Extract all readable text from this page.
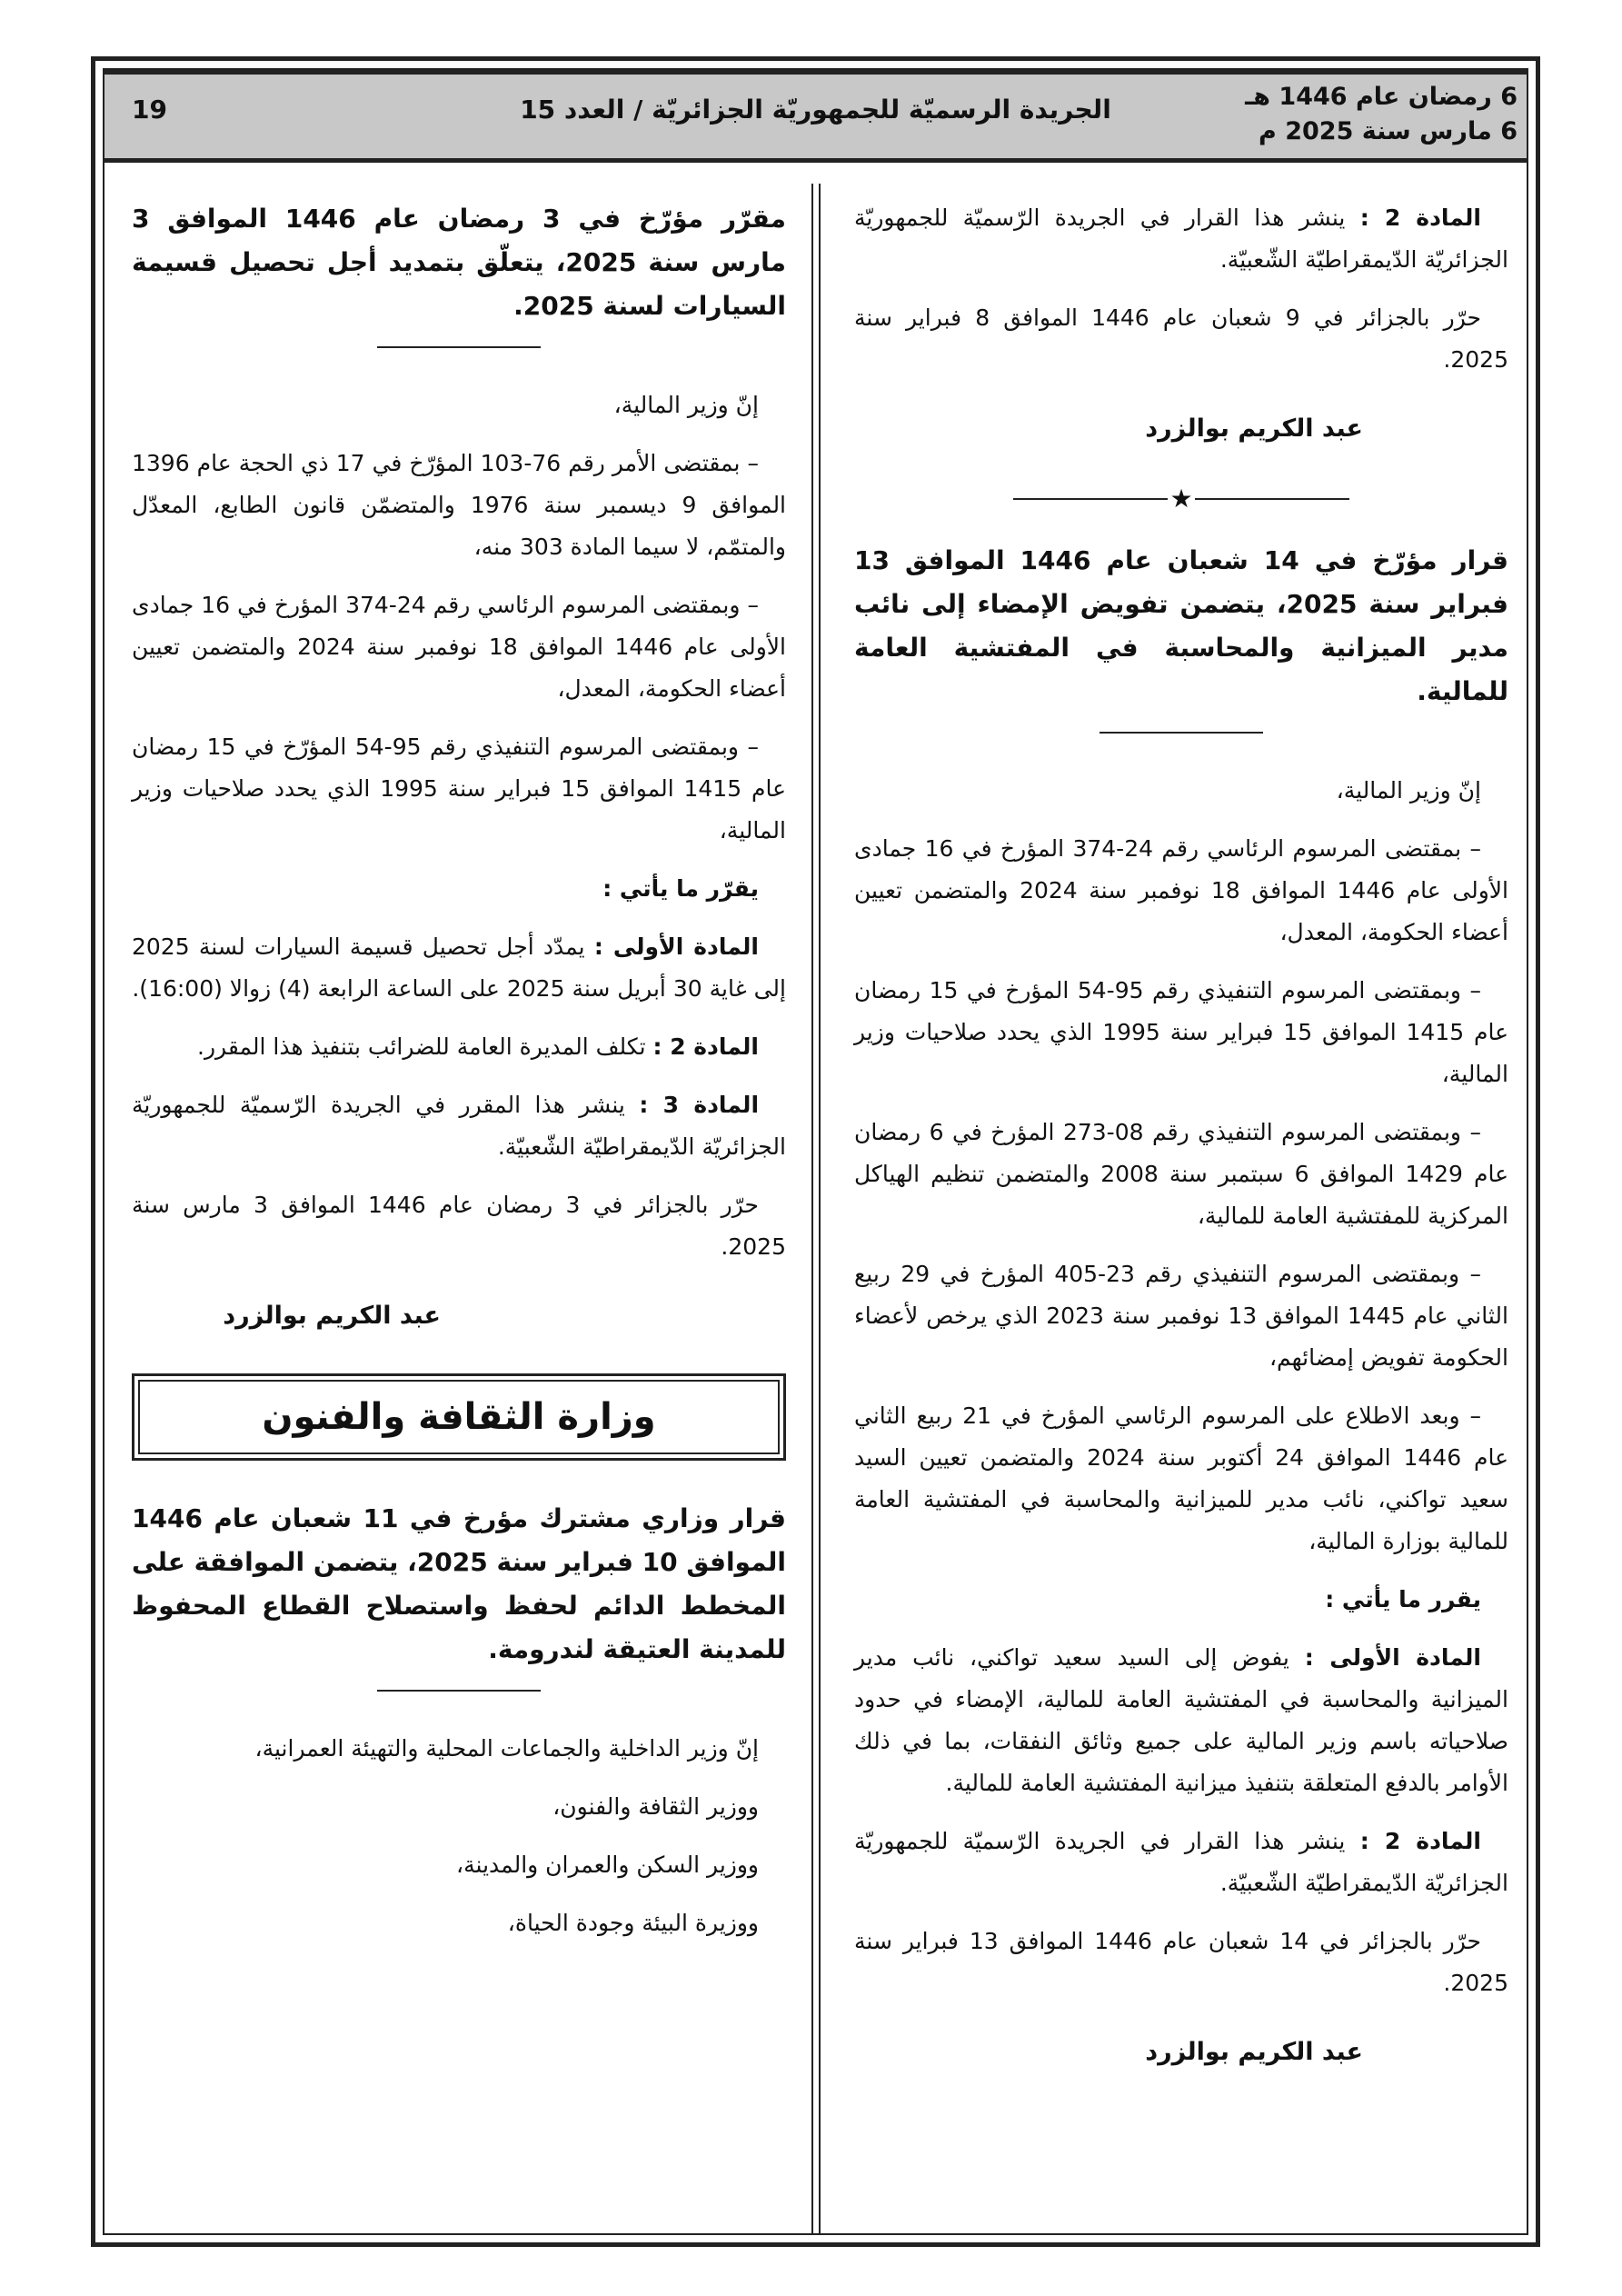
6 رمضان عام 1446 هـ
6 مارس سنة 2025 م
الجريدة الرسميّة للجمهوريّة الجزائريّة / العدد 15
19

المادة 2 : ينشر هذا القرار في الجريدة الرّسميّة للجمهوريّة الجزائريّة الدّيمقراطيّة الشّعبيّة.

حرّر بالجزائر في 9 شعبان عام 1446 الموافق 8 فبراير سنة 2025.

عبد الكريم بوالزرد
★
قرار مؤرّخ في 14 شعبان عام 1446 الموافق 13 فبراير سنة 2025، يتضمن تفويض الإمضاء إلى نائب مدير الميزانية والمحاسبة في المفتشية العامة للمالية.

إنّ وزير المالية،

– بمقتضى المرسوم الرئاسي رقم 24-374 المؤرخ في 16 جمادى الأولى عام 1446 الموافق 18 نوفمبر سنة 2024 والمتضمن تعيين أعضاء الحكومة، المعدل،

– وبمقتضى المرسوم التنفيذي رقم 95-54 المؤرخ في 15 رمضان عام 1415 الموافق 15 فبراير سنة 1995 الذي يحدد صلاحيات وزير المالية،

– وبمقتضى المرسوم التنفيذي رقم 08-273 المؤرخ في 6 رمضان عام 1429 الموافق 6 سبتمبر سنة 2008 والمتضمن تنظيم الهياكل المركزية للمفتشية العامة للمالية،

– وبمقتضى المرسوم التنفيذي رقم 23-405 المؤرخ في 29 ربيع الثاني عام 1445 الموافق 13 نوفمبر سنة 2023 الذي يرخص لأعضاء الحكومة تفويض إمضائهم،

– وبعد الاطلاع على المرسوم الرئاسي المؤرخ في 21 ربيع الثاني عام 1446 الموافق 24 أكتوبر سنة 2024 والمتضمن تعيين السيد سعيد تواكني، نائب مدير للميزانية والمحاسبة في المفتشية العامة للمالية بوزارة المالية،

يقرر ما يأتي :

المادة الأولى : يفوض إلى السيد سعيد تواكني، نائب مدير الميزانية والمحاسبة في المفتشية العامة للمالية، الإمضاء في حدود صلاحياته باسم وزير المالية على جميع وثائق النفقات، بما في ذلك الأوامر بالدفع المتعلقة بتنفيذ ميزانية المفتشية العامة للمالية.

المادة 2 : ينشر هذا القرار في الجريدة الرّسميّة للجمهوريّة الجزائريّة الدّيمقراطيّة الشّعبيّة.

حرّر بالجزائر في 14 شعبان عام 1446 الموافق 13 فبراير سنة 2025.

عبد الكريم بوالزرد
مقرّر مؤرّخ في 3 رمضان عام 1446 الموافق 3 مارس سنة 2025، يتعلّق بتمديد أجل تحصيل قسيمة السيارات لسنة 2025.

إنّ وزير المالية،

– بمقتضى الأمر رقم 76-103 المؤرّخ في 17 ذي الحجة عام 1396 الموافق 9 ديسمبر سنة 1976 والمتضمّن قانون الطابع، المعدّل والمتمّم، لا سيما المادة 303 منه،

– وبمقتضى المرسوم الرئاسي رقم 24-374 المؤرخ في 16 جمادى الأولى عام 1446 الموافق 18 نوفمبر سنة 2024 والمتضمن تعيين أعضاء الحكومة، المعدل،

– وبمقتضى المرسوم التنفيذي رقم 95-54 المؤرّخ في 15 رمضان عام 1415 الموافق 15 فبراير سنة 1995 الذي يحدد صلاحيات وزير المالية،

يقرّر ما يأتي :

المادة الأولى : يمدّد أجل تحصيل قسيمة السيارات لسنة 2025 إلى غاية 30 أبريل سنة 2025 على الساعة الرابعة (4) زوالا (16:00).

المادة 2 : تكلف المديرة العامة للضرائب بتنفيذ هذا المقرر.

المادة 3 : ينشر هذا المقرر في الجريدة الرّسميّة للجمهوريّة الجزائريّة الدّيمقراطيّة الشّعبيّة.

حرّر بالجزائر في 3 رمضان عام 1446 الموافق 3 مارس سنة 2025.

عبد الكريم بوالزرد
وزارة الثقافة والفنون
قرار وزاري مشترك مؤرخ في 11 شعبان عام 1446 الموافق 10 فبراير سنة 2025، يتضمن الموافقة على المخطط الدائم لحفظ واستصلاح القطاع المحفوظ للمدينة العتيقة لندرومة.

إنّ وزير الداخلية والجماعات المحلية والتهيئة العمرانية،

ووزير الثقافة والفنون،

ووزير السكن والعمران والمدينة،

ووزيرة البيئة وجودة الحياة،
